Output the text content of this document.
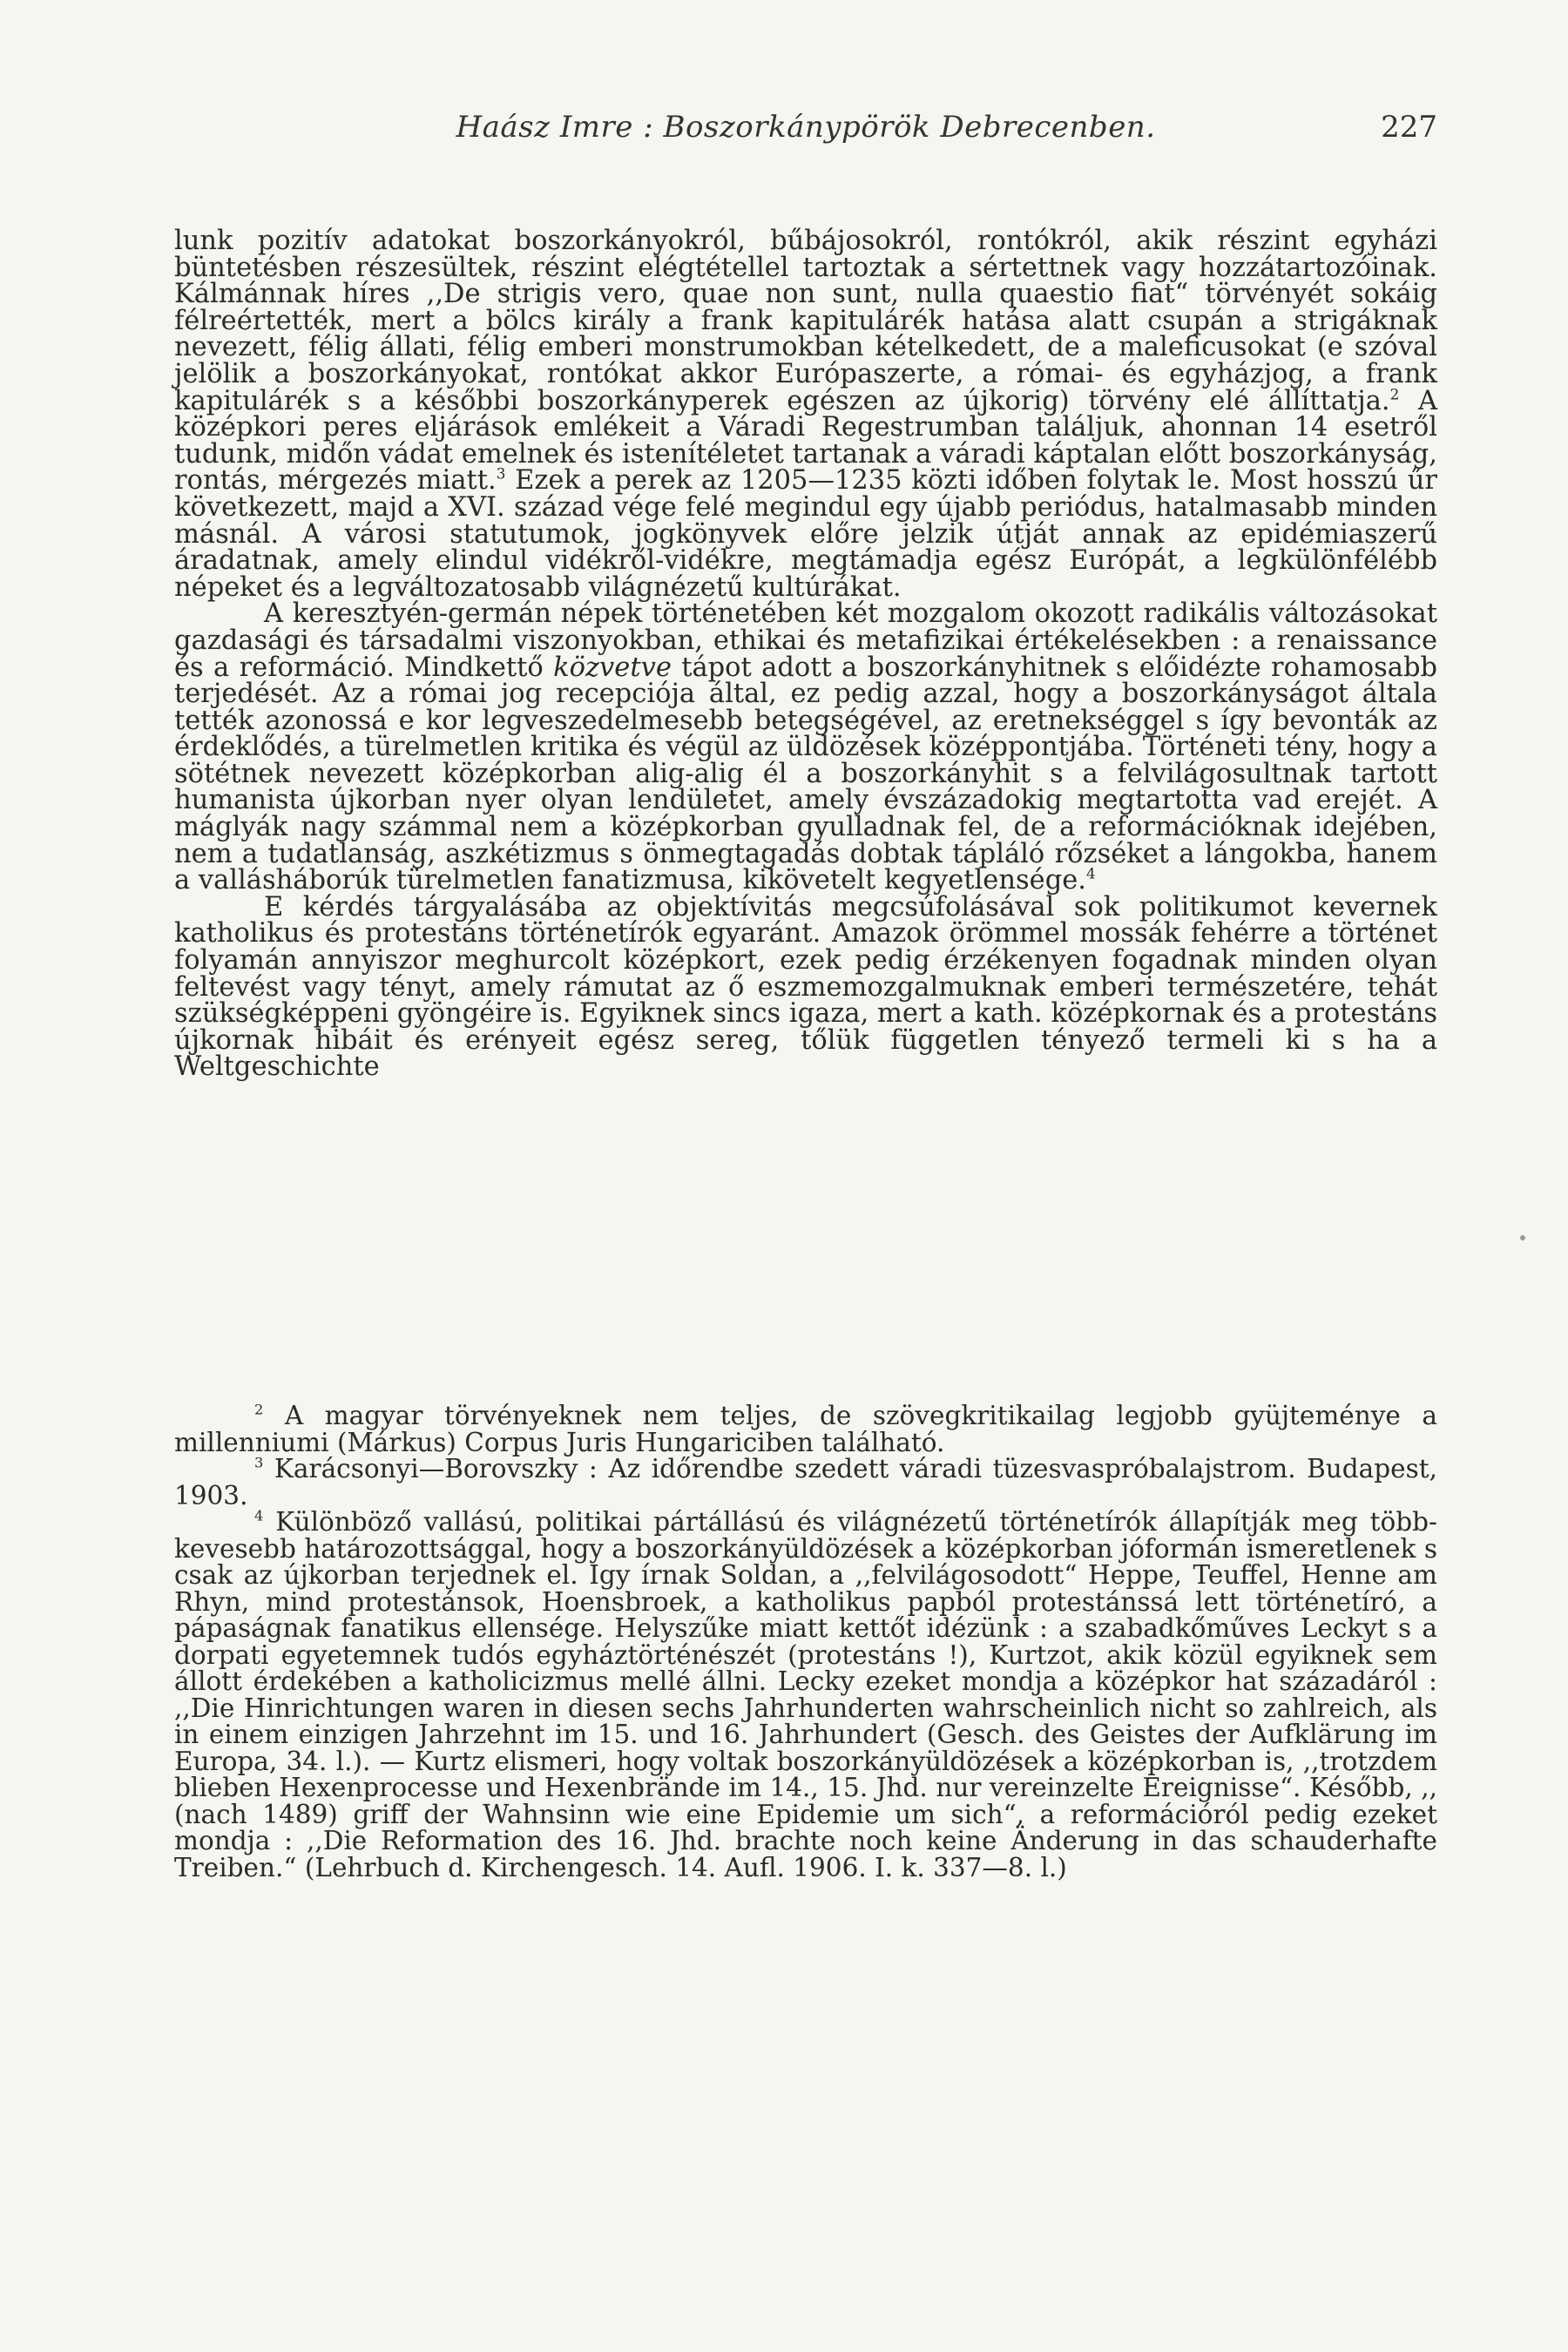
Haász Imre : Boszorkánypörök Debrecenben.	227

lunk pozitív adatokat boszorkányokról, bűbájosokról, rontókról, akik részint egyházi büntetésben részesültek, részint elégtétellel tartoztak a sértettnek vagy hozzátartozóinak. Kálmánnak híres ,,De strigis vero, quae non sunt, nulla quaestio fiat“ törvényét sokáig félreértették, mert a bölcs király a frank kapitulárék hatása alatt csupán a strigáknak nevezett, félig állati, félig emberi monstrumokban kételkedett, de a maleficusokat (e szóval jelölik a boszorkányokat, rontókat akkor Európaszerte, a római- és egyházjog, a frank kapitulárék s a későbbi boszorkányperek egészen az újkorig) törvény elé állíttatja.$^2$ A középkori peres eljárások emlékeit a Váradi Regestrumban találjuk, ahonnan 14 esetről tudunk, midőn vádat emelnek és istenítéletet tartanak a váradi káptalan előtt boszorkányság, rontás, mérgezés miatt.$^3$ Ezek a perek az 1205—1235 közti időben folytak le. Most hosszú űr következett, majd a XVI. század vége felé megindul egy újabb periódus, hatalmasabb minden másnál. A városi statutumok, jogkönyvek előre jelzik útját annak az epidémiaszerű áradatnak, amely elindul vidékről-vidékre, megtámadja egész Európát, a legkülönfélébb népeket és a legváltozatosabb világnézetű kultúrákat.

A keresztyén-germán népek történetében két mozgalom okozott radikális változásokat gazdasági és társadalmi viszonyokban, ethikai és metafizikai értékelésekben : a renaissance és a reformáció. Mindkettő közvetve tápot adott a boszorkányhitnek s előidézte rohamosabb terjedését. Az a római jog recepciója által, ez pedig azzal, hogy a boszorkányságot általa tették azonossá e kor legveszedelmesebb betegségével, az eretnekséggel s így bevonták az érdeklődés, a türelmetlen kritika és végül az üldözések középpontjába. Történeti tény, hogy a sötétnek nevezett középkorban alig-alig él a boszorkányhit s a felvilágosultnak tartott humanista újkorban nyer olyan lendületet, amely évszázadokig megtartotta vad erejét. A máglyák nagy számmal nem a középkorban gyulladnak fel, de a reformációknak idejében, nem a tudatlanság, aszkétizmus s önmegtagadás dobtak tápláló rőzséket a lángokba, hanem a vallásháborúk türelmetlen fanatizmusa, kikövetelt kegyetlensége.$^4$

E kérdés tárgyalásába az objektívitás megcsúfolásával sok politikumot kevernek katholikus és protestáns történetírók egyaránt. Amazok örömmel mossák fehérre a történet folyamán annyiszor meghurcolt középkort, ezek pedig érzékenyen fogadnak minden olyan feltevést vagy tényt, amely rámutat az ő eszmemozgalmuknak emberi természetére, tehát szükségképpeni gyöngéire is. Egyiknek sincs igaza, mert a kath. középkornak és a protestáns újkornak hibáit és erényeit egész sereg, tőlük független tényező termeli ki s ha a Weltgeschichte

$^2$ A magyar törvényeknek nem teljes, de szövegkritikailag legjobb gyüjteménye a millenniumi (Márkus) Corpus Juris Hungariciben található.

$^3$ Karácsonyi—Borovszky : Az időrendbe szedett váradi tüzesvaspróbalajstrom. Budapest, 1903.

$^4$ Különböző vallású, politikai pártállású és világnézetű történetírók állapítják meg több-kevesebb határozottsággal, hogy a boszorkányüldözések a középkorban jóformán ismeretlenek s csak az újkorban terjednek el. Igy írnak Soldan, a ,,felvilágosodott“ Heppe, Teuffel, Henne am Rhyn, mind protestánsok, Hoensbroek, a katholikus papból protestánssá lett történetíró, a pápaságnak fanatikus ellensége. Helyszűke miatt kettőt idézünk : a szabadkőműves Leckyt s a dorpati egyetemnek tudós egyháztörténészét (protestáns !), Kurtzot, akik közül egyiknek sem állott érdekében a katholicizmus mellé állni. Lecky ezeket mondja a középkor hat századáról : ,,Die Hinrichtungen waren in diesen sechs Jahrhunderten wahrscheinlich nicht so zahlreich, als in einem einzigen Jahrzehnt im 15. und 16. Jahrhundert (Gesch. des Geistes der Aufklärung im Europa, 34. l.). — Kurtz elismeri, hogy voltak boszorkányüldözések a középkorban is, ,,trotzdem blieben Hexenprocesse und Hexenbrände im 14., 15. Jhd. nur vereinzelte Ereignisse“. Később, ,,(nach 1489) griff der Wahnsinn wie eine Epidemie um sich“, a reformációról pedig ezeket mondja : ,,Die Reformation des 16. Jhd. brachte noch keine Änderung in das schauderhafte Treiben.“ (Lehrbuch d. Kirchengesch. 14. Aufl. 1906. I. k. 337—8. l.)
